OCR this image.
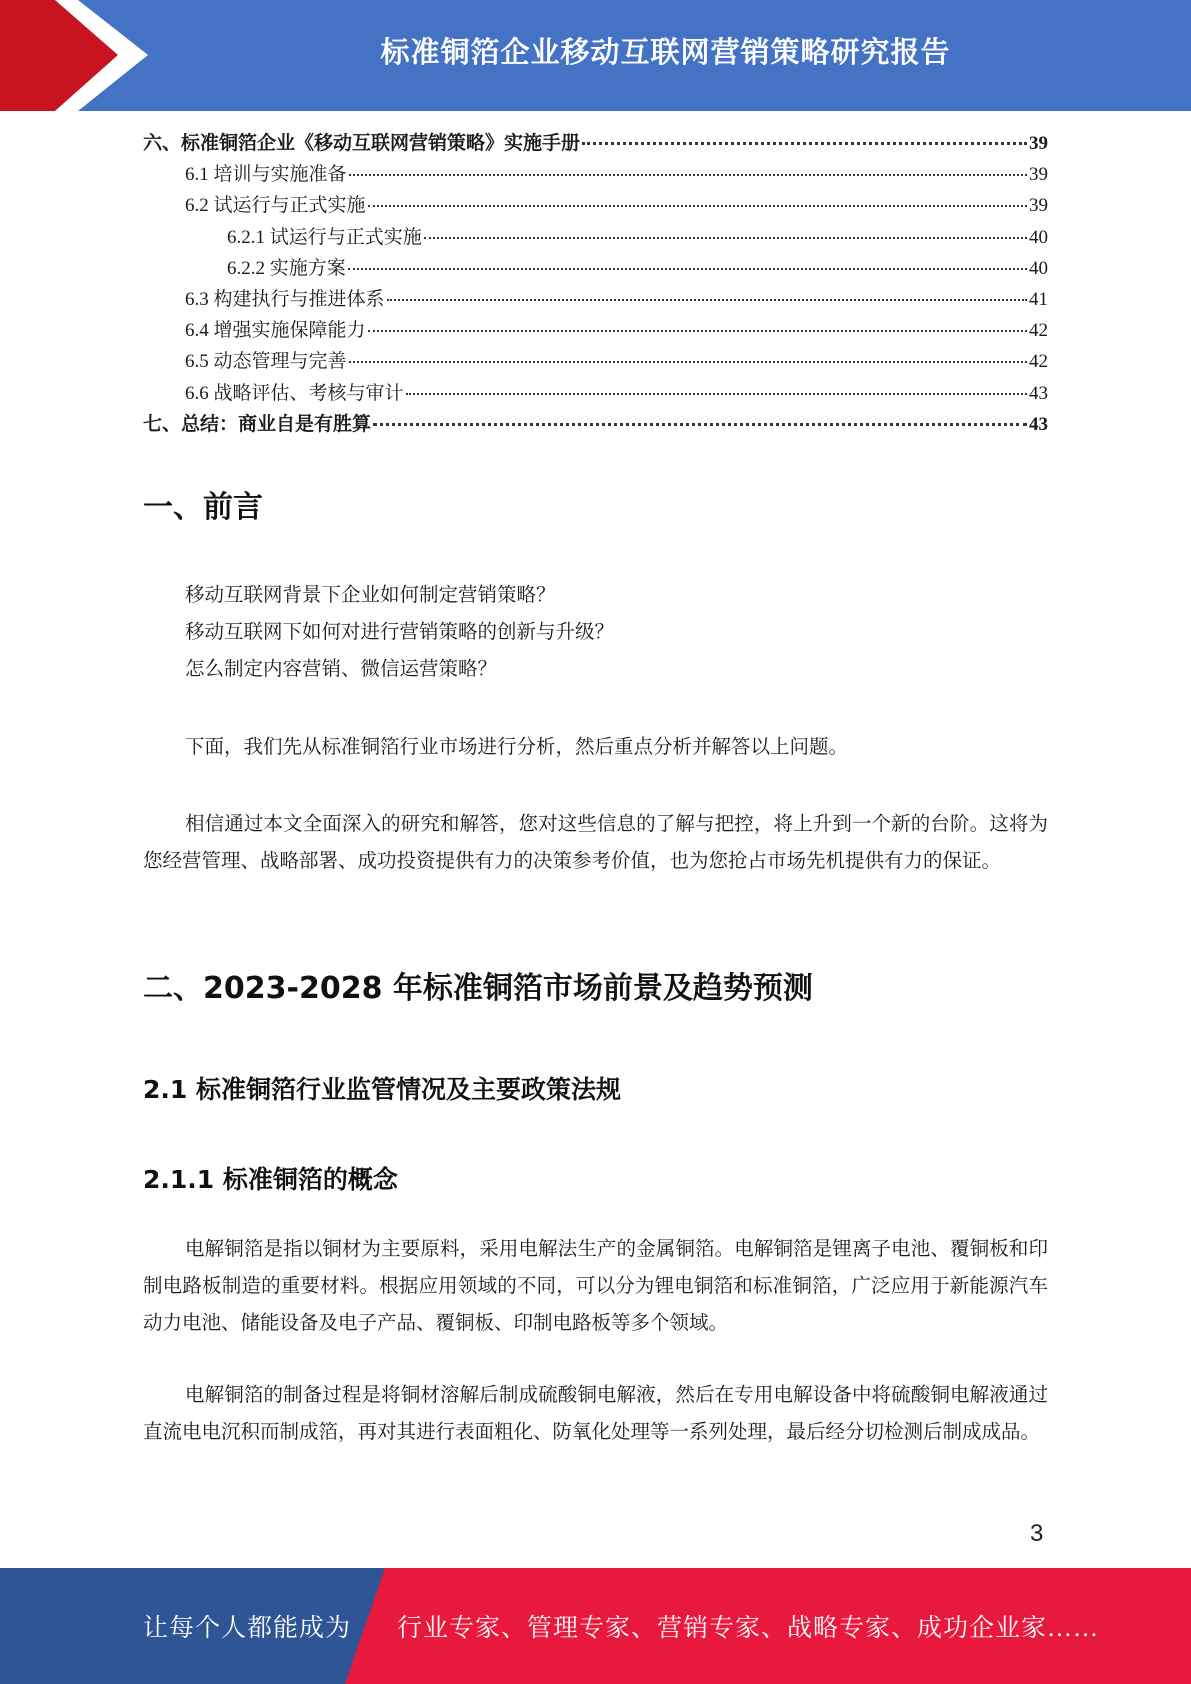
标准铜箔企业移动互联网营销策略研究报告
六、标准铜箔企业《移动互联网营销策略》实施手册	39
6.1 培训与实施准备	39
6.2 试运行与正式实施	39
6.2.1 试运行与正式实施	40
6.2.2 实施方案	40
6.3 构建执行与推进体系	41
6.4 增强实施保障能力	42
6.5 动态管理与完善	42
6.6 战略评估、考核与审计	43
七、总结：商业自是有胜算	43
一、前言
移动互联网背景下企业如何制定营销策略？
移动互联网下如何对进行营销策略的创新与升级？
怎么制定内容营销、微信运营策略？

下面，我们先从标准铜箔行业市场进行分析，然后重点分析并解答以上问题。

相信通过本文全面深入的研究和解答，您对这些信息的了解与把控，将上升到一个新的台阶。这将为您经营管理、战略部署、成功投资提供有力的决策参考价值，也为您抢占市场先机提供有力的保证。

二、2023-2028 年标准铜箔市场前景及趋势预测
2.1 标准铜箔行业监管情况及主要政策法规
2.1.1 标准铜箔的概念

电解铜箔是指以铜材为主要原料，采用电解法生产的金属铜箔。电解铜箔是锂离子电池、覆铜板和印制电路板制造的重要材料。根据应用领域的不同，可以分为锂电铜箔和标准铜箔，广泛应用于新能源汽车动力电池、储能设备及电子产品、覆铜板、印制电路板等多个领域。

电解铜箔的制备过程是将铜材溶解后制成硫酸铜电解液，然后在专用电解设备中将硫酸铜电解液通过直流电电沉积而制成箔，再对其进行表面粗化、防氧化处理等一系列处理，最后经分切检测后制成成品。

3
让每个人都能成为 行业专家、管理专家、营销专家、战略专家、成功企业家……
